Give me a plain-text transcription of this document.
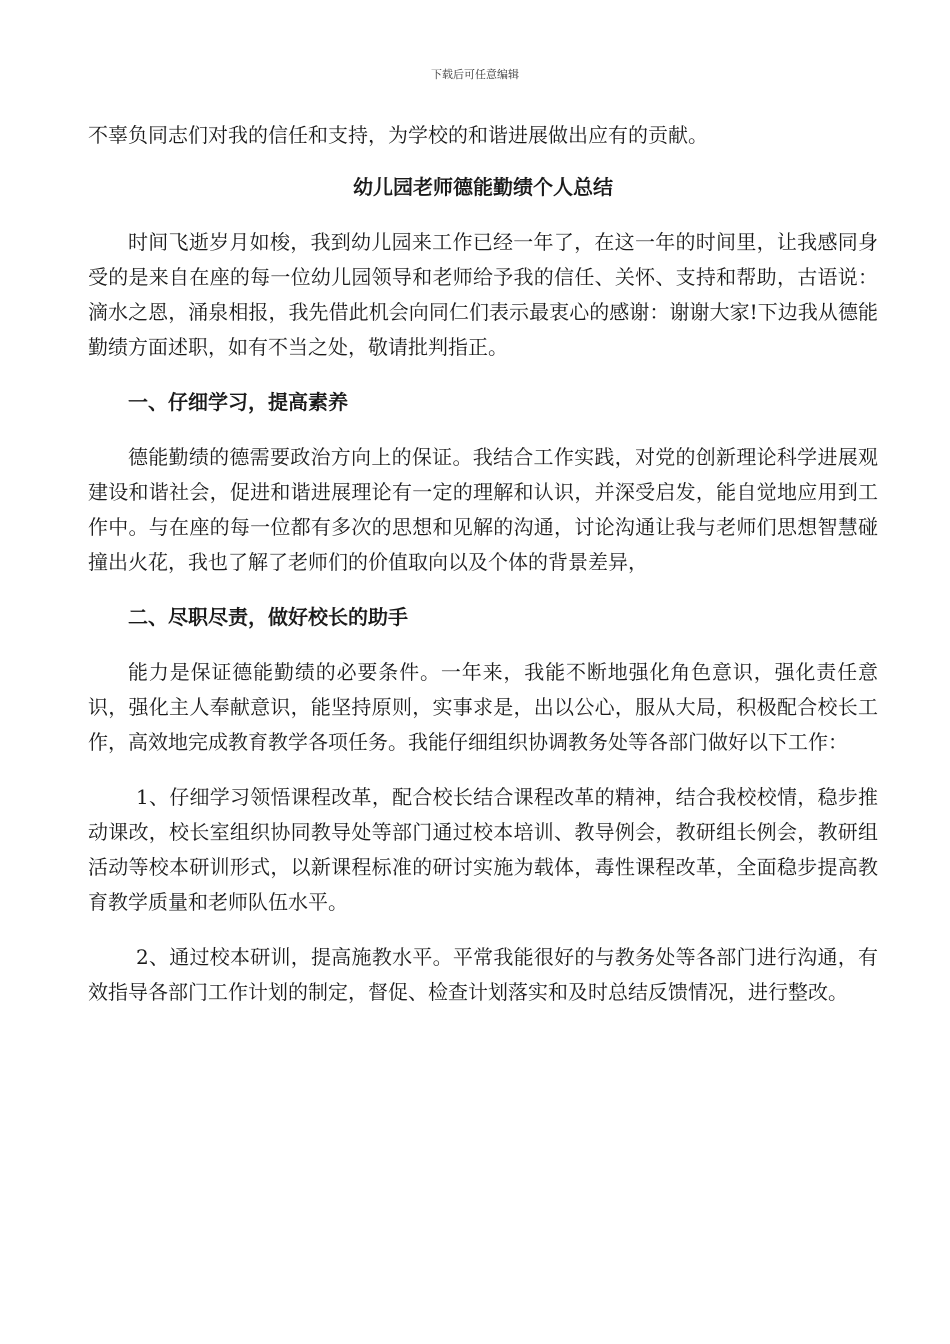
下载后可任意编辑

不辜负同志们对我的信任和支持，为学校的和谐进展做出应有的贡献。

幼儿园老师德能勤绩个人总结

时间飞逝岁月如梭，我到幼儿园来工作已经一年了，在这一年的时间里，让我感同身受的是来自在座的每一位幼儿园领导和老师给予我的信任、关怀、支持和帮助，古语说：滴水之恩，涌泉相报，我先借此机会向同仁们表示最衷心的感谢：谢谢大家!下边我从德能勤绩方面述职，如有不当之处，敬请批判指正。

一、仔细学习，提高素养

德能勤绩的德需要政治方向上的保证。我结合工作实践，对党的创新理论科学进展观建设和谐社会，促进和谐进展理论有一定的理解和认识，并深受启发，能自觉地应用到工作中。与在座的每一位都有多次的思想和见解的沟通，讨论沟通让我与老师们思想智慧碰撞出火花，我也了解了老师们的价值取向以及个体的背景差异，

二、尽职尽责，做好校长的助手

能力是保证德能勤绩的必要条件。一年来，我能不断地强化角色意识，强化责任意识，强化主人奉献意识，能坚持原则，实事求是，出以公心，服从大局，积极配合校长工作，高效地完成教育教学各项任务。我能仔细组织协调教务处等各部门做好以下工作：

1、仔细学习领悟课程改革，配合校长结合课程改革的精神，结合我校校情，稳步推动课改，校长室组织协同教导处等部门通过校本培训、教导例会，教研组长例会，教研组活动等校本研训形式，以新课程标准的研讨实施为载体，毒性课程改革，全面稳步提高教育教学质量和老师队伍水平。

2、通过校本研训，提高施教水平。平常我能很好的与教务处等各部门进行沟通，有效指导各部门工作计划的制定，督促、检查计划落实和及时总结反馈情况，进行整改。
